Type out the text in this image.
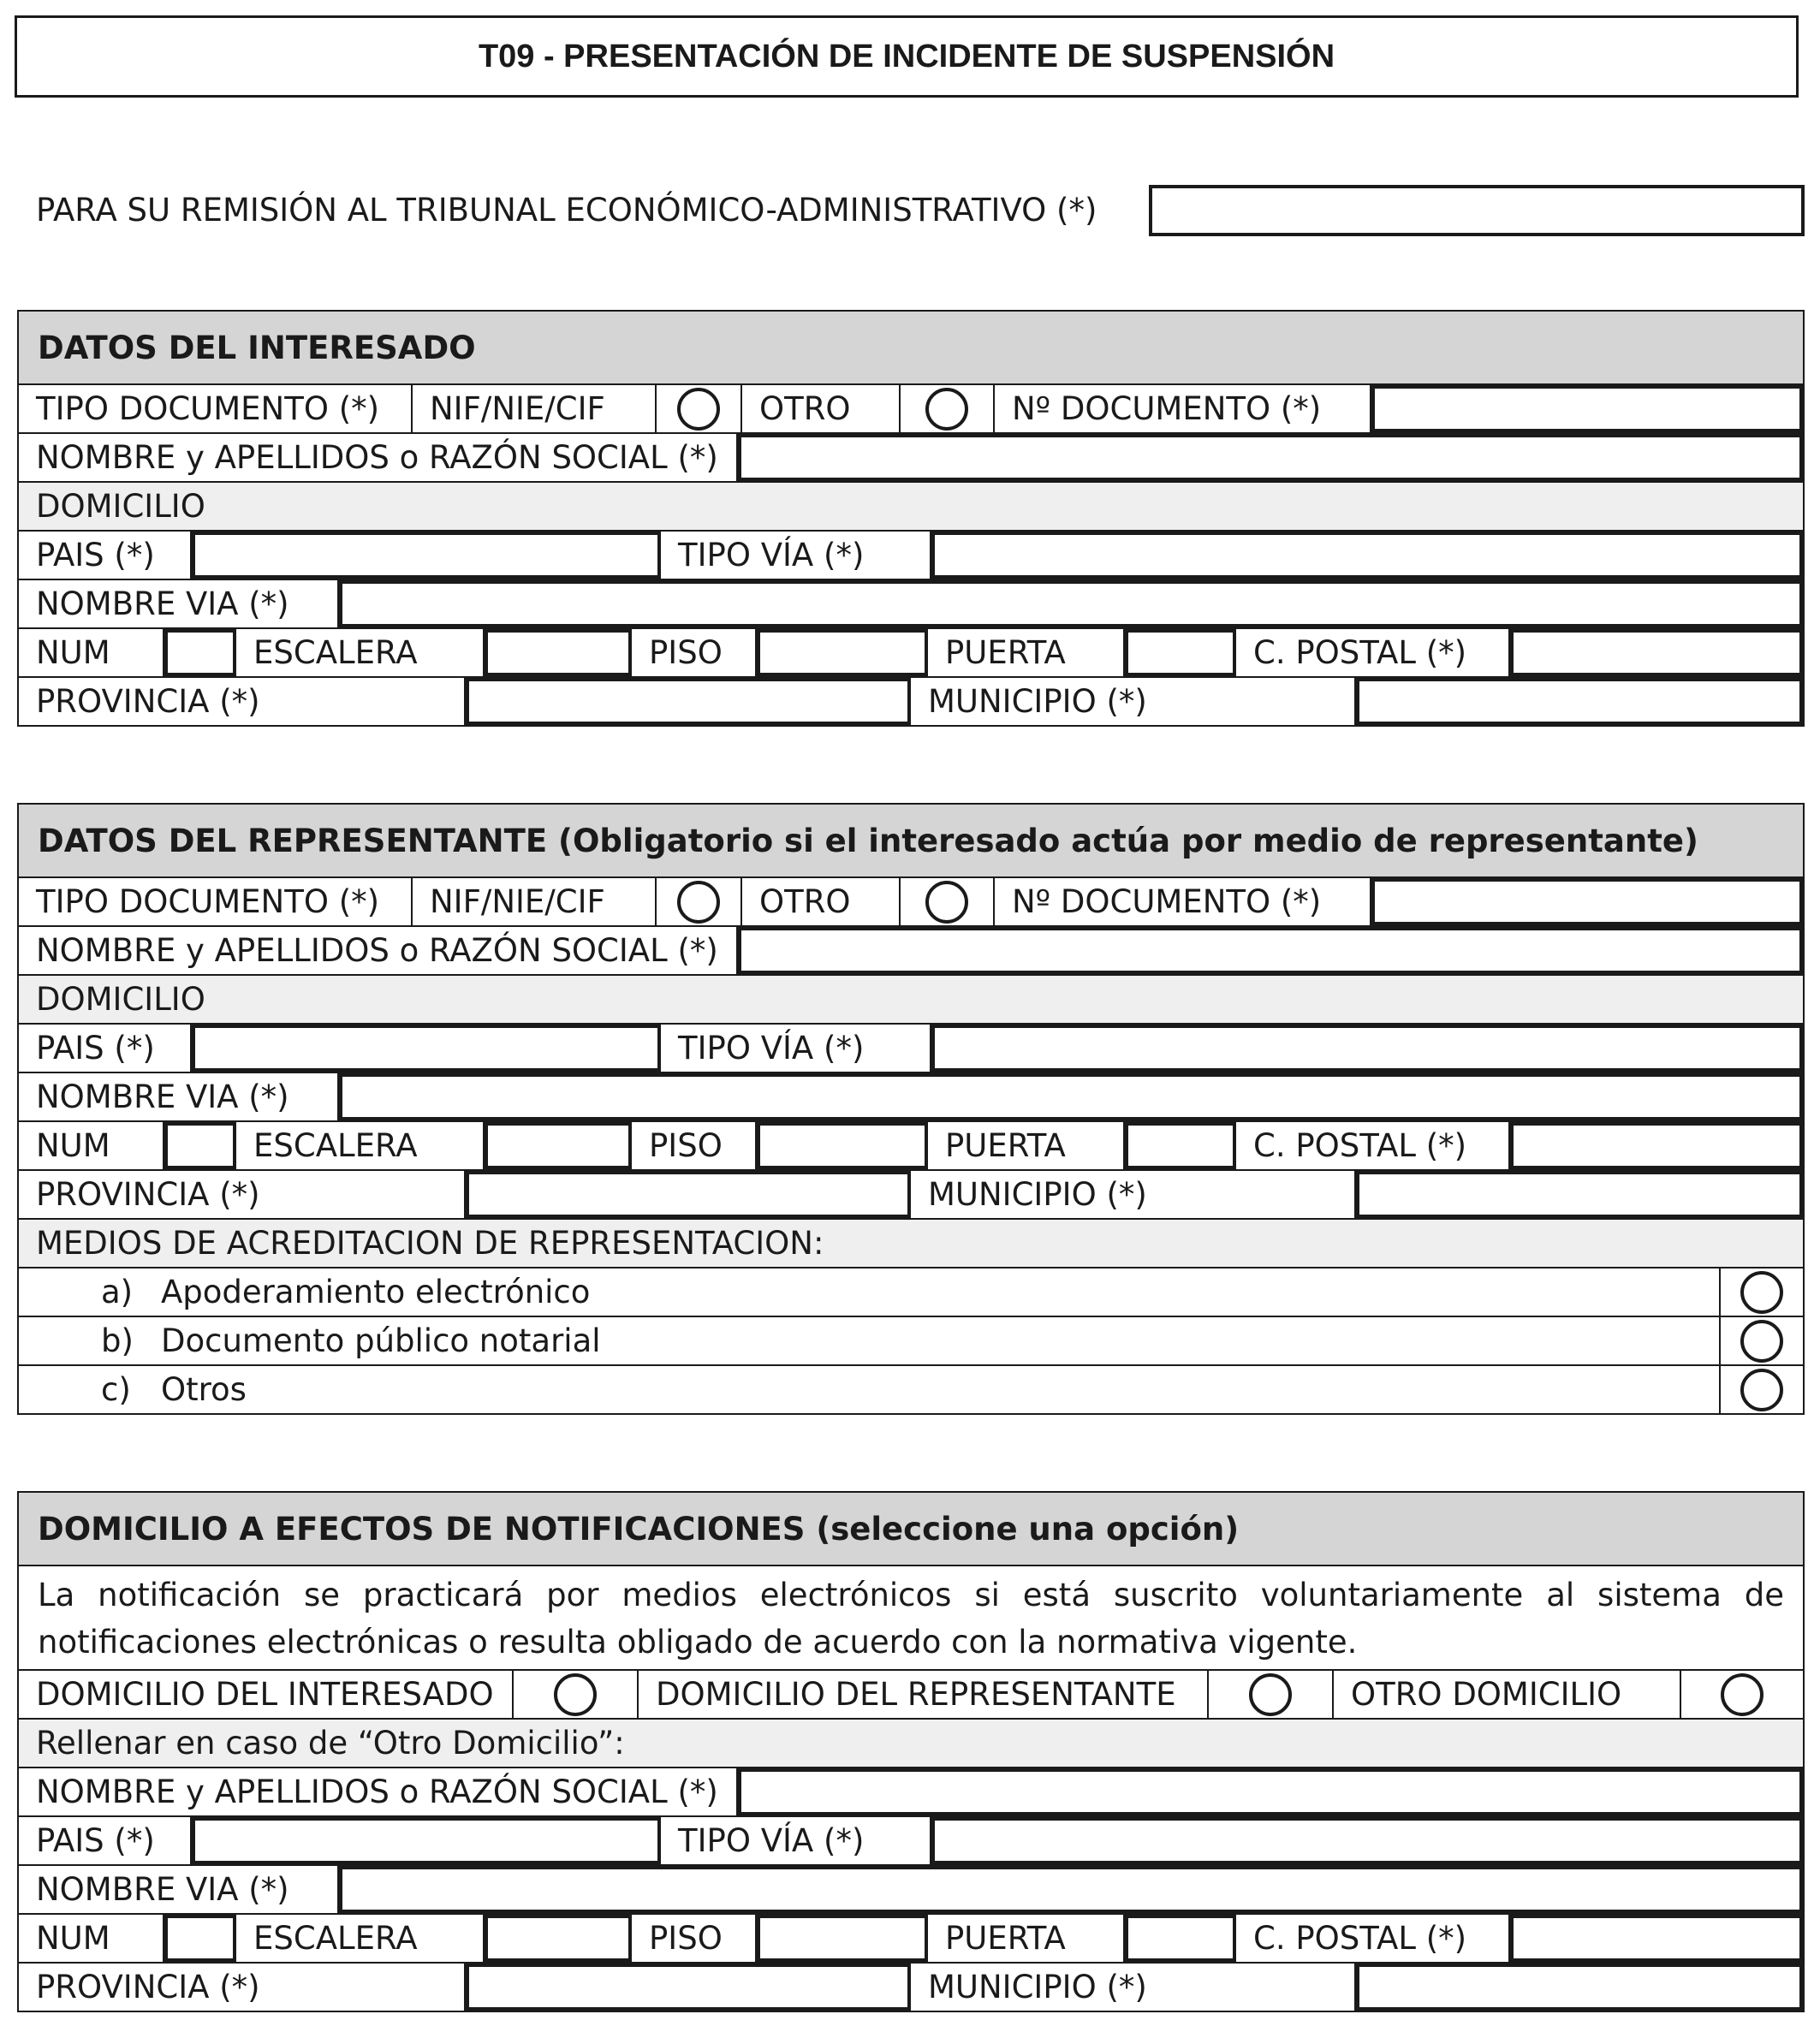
T09 - PRESENTACIÓN DE INCIDENTE DE SUSPENSIÓN
PARA SU REMISIÓN AL TRIBUNAL ECONÓMICO-ADMINISTRATIVO (*)
DATOS DEL INTERESADO
TIPO DOCUMENTO (*)	NIF/NIE/CIF	OTRO	Nº DOCUMENTO (*)
NOMBRE y APELLIDOS o RAZÓN SOCIAL (*)
DOMICILIO
PAIS (*)	TIPO VÍA (*)
NOMBRE VIA (*)
NUM	ESCALERA	PISO	PUERTA	C. POSTAL (*)
PROVINCIA (*)	MUNICIPIO (*)
DATOS DEL REPRESENTANTE (Obligatorio si el interesado actúa por medio de representante)
TIPO DOCUMENTO (*)	NIF/NIE/CIF	OTRO	Nº DOCUMENTO (*)
NOMBRE y APELLIDOS o RAZÓN SOCIAL (*)
DOMICILIO
PAIS (*)	TIPO VÍA (*)
NOMBRE VIA (*)
NUM	ESCALERA	PISO	PUERTA	C. POSTAL (*)
PROVINCIA (*)	MUNICIPIO (*)
MEDIOS DE ACREDITACION DE REPRESENTACION:
a) Apoderamiento electrónico
b) Documento público notarial
c) Otros
DOMICILIO A EFECTOS DE NOTIFICACIONES (seleccione una opción)
La notificación se practicará por medios electrónicos si está suscrito voluntariamente al sistema de notificaciones electrónicas o resulta obligado de acuerdo con la normativa vigente.
DOMICILIO DEL INTERESADO	DOMICILIO DEL REPRESENTANTE	OTRO DOMICILIO
Rellenar en caso de “Otro Domicilio”:
NOMBRE y APELLIDOS o RAZÓN SOCIAL (*)
PAIS (*)	TIPO VÍA (*)
NOMBRE VIA (*)
NUM	ESCALERA	PISO	PUERTA	C. POSTAL (*)
PROVINCIA (*)	MUNICIPIO (*)
